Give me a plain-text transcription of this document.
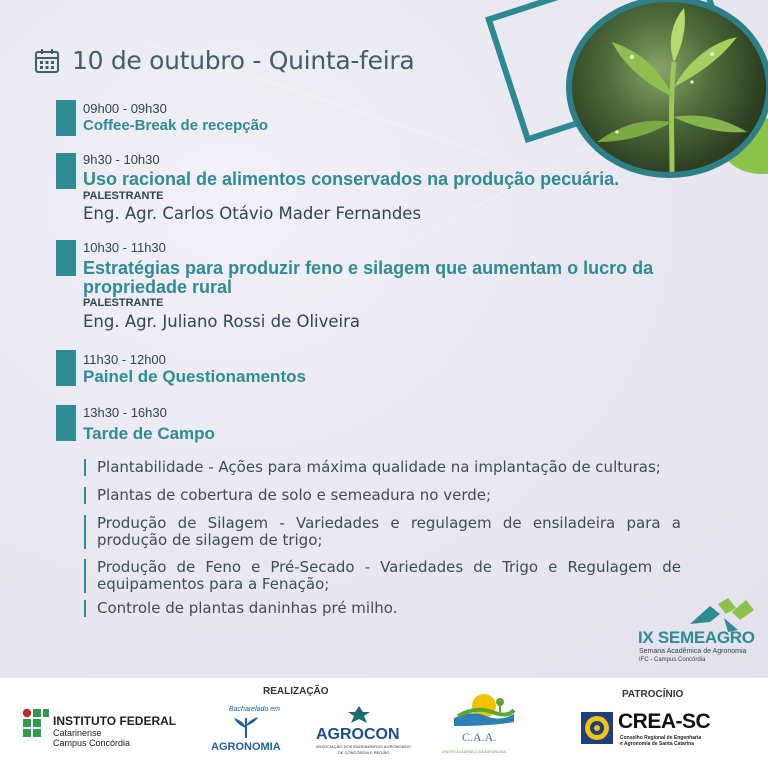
10 de outubro - Quinta-feira
09h00 - 09h30
Coffee-Break de recepção
9h30 - 10h30
Uso racional de alimentos conservados na produção pecuária.
PALESTRANTE
Eng. Agr. Carlos Otávio Mader Fernandes
10h30 - 11h30
Estratégias para produzir feno e silagem que aumentam o lucro da
propriedade rural
PALESTRANTE
Eng. Agr. Juliano Rossi de Oliveira
11h30 - 12h00
Painel de Questionamentos
13h30 - 16h30
Tarde de Campo
Plantabilidade - Ações para máxima qualidade na implantação de culturas;
Plantas de cobertura de solo e semeadura no verde;
Produção de Silagem - Variedades e regulagem de ensiladeira para a produção de silagem de trigo;
Produção de Feno e Pré-Secado - Variedades de Trigo e Regulagem de equipamentos para a Fenação;
Controle de plantas daninhas pré milho.
IX SEMEAGRO
Semana Acadêmica de Agronomia
IFC - Campus Concórdia
REALIZAÇÃO	PATROCÍNIO
INSTITUTO FEDERAL
Catarinense
Campus Concórdia
Bacharelado em
AGRONOMIA
AGROCON
ASSOCIAÇÃO DOS ENGENHEIROS AGRÔNOMOS
DE CONCÓRDIA E REGIÃO
C.A.A.
CENTRO ACADÊMICO DA AGRONOMIA
CREA-SC
Conselho Regional de Engenharia
e Agronomia de Santa Catarina
